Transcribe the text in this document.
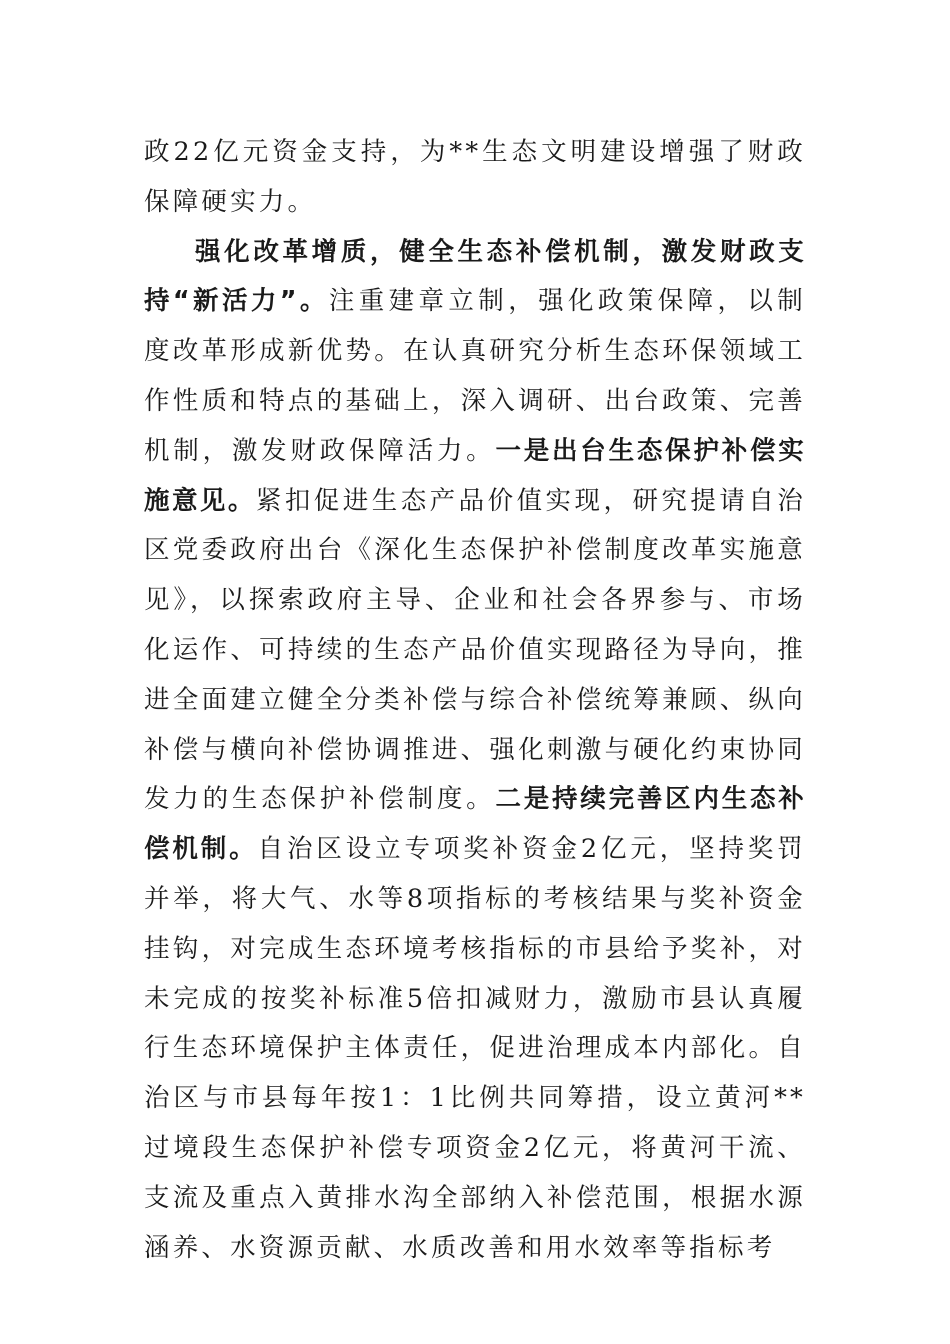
政22亿元资金支持，为**生态文明建设增强了财政保障硬实力。

强化改革增质，健全生态补偿机制，激发财政支持“新活力”。注重建章立制，强化政策保障，以制度改革形成新优势。在认真研究分析生态环保领域工作性质和特点的基础上，深入调研、出台政策、完善机制，激发财政保障活力。一是出台生态保护补偿实施意见。紧扣促进生态产品价值实现，研究提请自治区党委政府出台《深化生态保护补偿制度改革实施意见》，以探索政府主导、企业和社会各界参与、市场化运作、可持续的生态产品价值实现路径为导向，推进全面建立健全分类补偿与综合补偿统筹兼顾、纵向补偿与横向补偿协调推进、强化刺激与硬化约束协同发力的生态保护补偿制度。二是持续完善区内生态补偿机制。自治区设立专项奖补资金2亿元，坚持奖罚并举，将大气、水等8项指标的考核结果与奖补资金挂钩，对完成生态环境考核指标的市县给予奖补，对未完成的按奖补标准5倍扣减财力，激励市县认真履行生态环境保护主体责任，促进治理成本内部化。自治区与市县每年按1：1比例共同筹措，设立黄河**过境段生态保护补偿专项资金2亿元，将黄河干流、支流及重点入黄排水沟全部纳入补偿范围，根据水源涵养、水资源贡献、水质改善和用水效率等指标考
